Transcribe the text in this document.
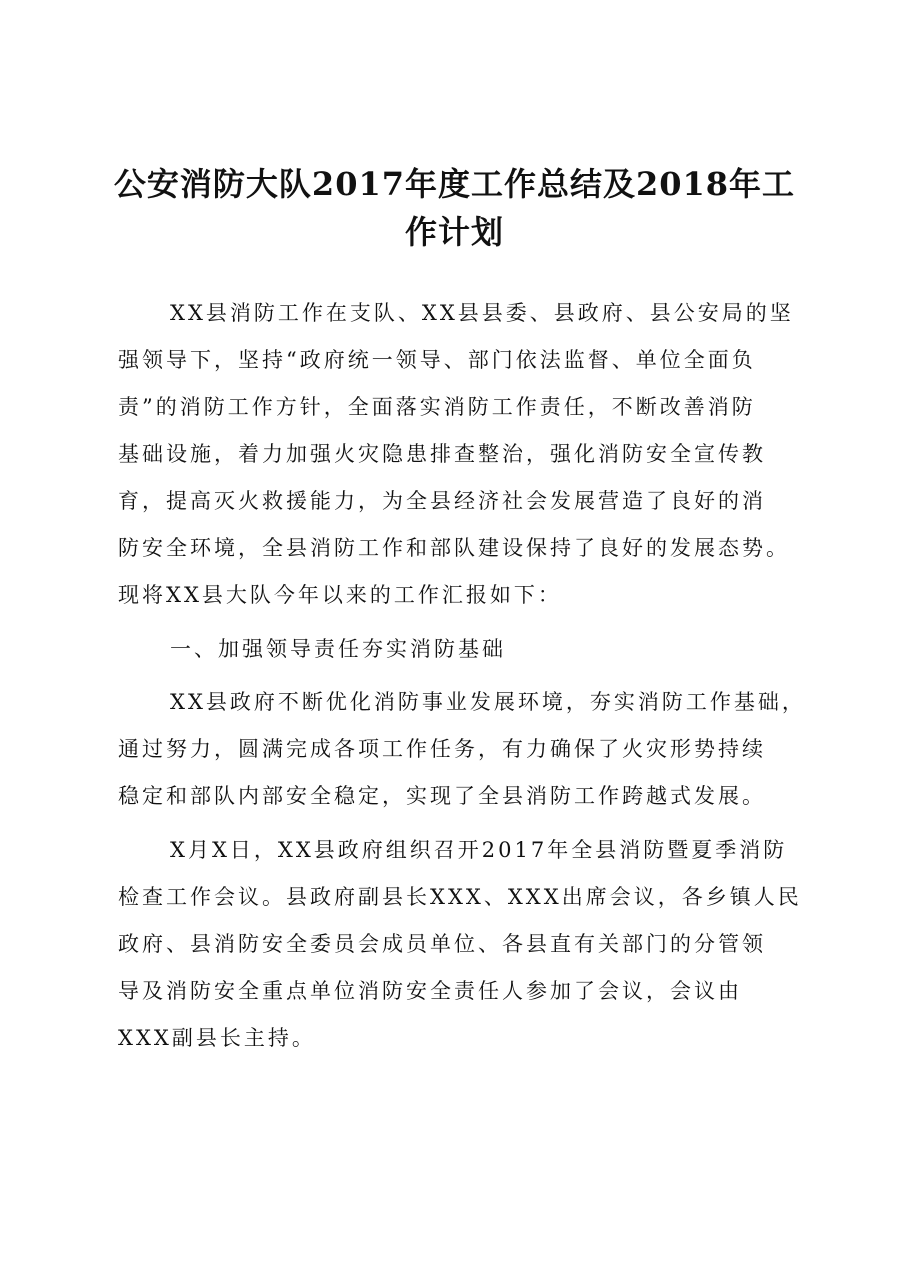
公安消防大队2017年度工作总结及2018年工
作计划
XX县消防工作在支队、XX县县委、县政府、县公安局的坚
强领导下，坚持“政府统一领导、部门依法监督、单位全面负
责”的消防工作方针，全面落实消防工作责任，不断改善消防
基础设施，着力加强火灾隐患排查整治，强化消防安全宣传教
育，提高灭火救援能力，为全县经济社会发展营造了良好的消
防安全环境，全县消防工作和部队建设保持了良好的发展态势。
现将XX县大队今年以来的工作汇报如下：
一、加强领导责任夯实消防基础
XX县政府不断优化消防事业发展环境，夯实消防工作基础，
通过努力，圆满完成各项工作任务，有力确保了火灾形势持续
稳定和部队内部安全稳定，实现了全县消防工作跨越式发展。
X月X日，XX县政府组织召开2017年全县消防暨夏季消防
检查工作会议。县政府副县长XXX、XXX出席会议，各乡镇人民
政府、县消防安全委员会成员单位、各县直有关部门的分管领
导及消防安全重点单位消防安全责任人参加了会议，会议由
XXX副县长主持。
